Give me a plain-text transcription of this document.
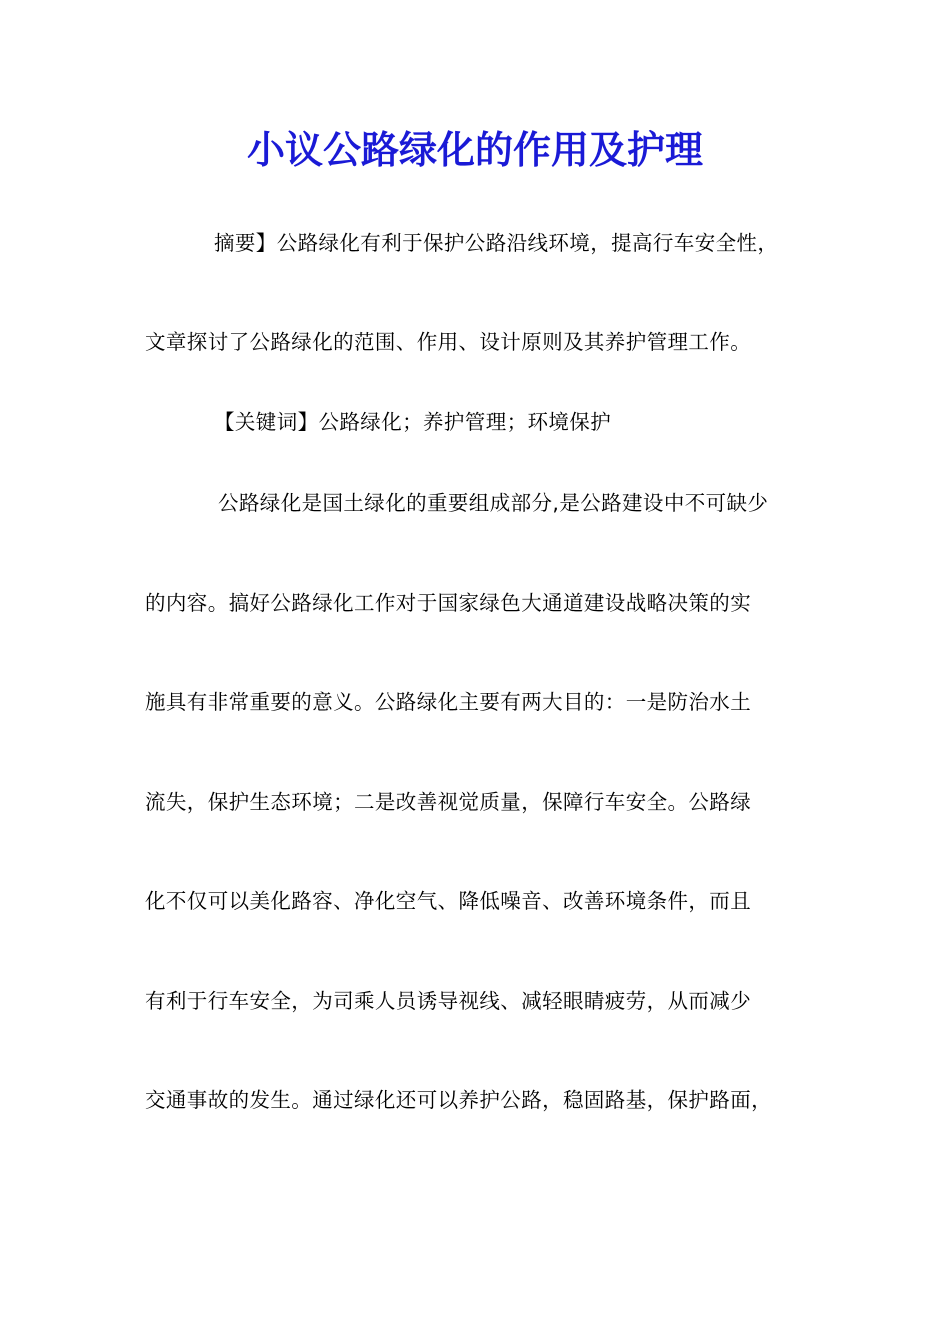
小议公路绿化的作用及护理
摘要】公路绿化有利于保护公路沿线环境，提高行车安全性，
文章探讨了公路绿化的范围、作用、设计原则及其养护管理工作。
【关键词】公路绿化；养护管理；环境保护
公路绿化是国土绿化的重要组成部分,是公路建设中不可缺少
的内容。搞好公路绿化工作对于国家绿色大通道建设战略决策的实
施具有非常重要的意义。公路绿化主要有两大目的：一是防治水土
流失，保护生态环境；二是改善视觉质量，保障行车安全。公路绿
化不仅可以美化路容、净化空气、降低噪音、改善环境条件，而且
有利于行车安全，为司乘人员诱导视线、减轻眼睛疲劳，从而减少
交通事故的发生。通过绿化还可以养护公路，稳固路基，保护路面，
